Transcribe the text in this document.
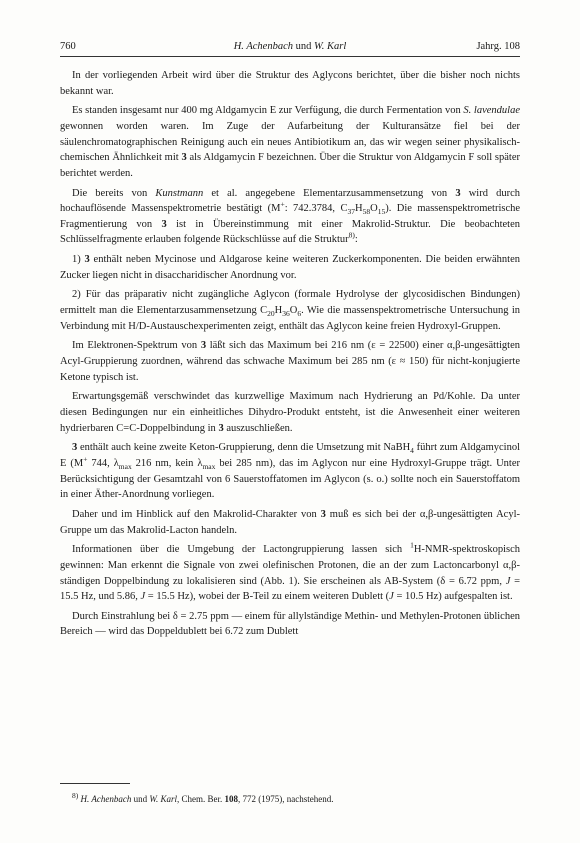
760	H. Achenbach und W. Karl	Jahrg. 108

In der vorliegenden Arbeit wird über die Struktur des Aglycons berichtet, über die bisher noch nichts bekannt war.

Es standen insgesamt nur 400 mg Aldgamycin E zur Verfügung, die durch Fermentation von S. lavendulae gewonnen worden waren. Im Zuge der Aufarbeitung der Kulturansätze fiel bei der säulenchromatographischen Reinigung auch ein neues Antibiotikum an, das wir wegen seiner physikalisch-chemischen Ähnlichkeit mit 3 als Aldgamycin F bezeichnen. Über die Struktur von Aldgamycin F soll später berichtet werden.

Die bereits von Kunstmann et al. angegebene Elementarzusammensetzung von 3 wird durch hochauflösende Massenspektrometrie bestätigt (M+: 742.3784, $C_{37}H_{58}O_{15}$). Die massenspektrometrische Fragmentierung von 3 ist in Übereinstimmung mit einer Makrolid-Struktur. Die beobachteten Schlüsselfragmente erlauben folgende Rückschlüsse auf die Struktur$^{8)}$:

1) 3 enthält neben Mycinose und Aldgarose keine weiteren Zuckerkomponenten. Die beiden erwähnten Zucker liegen nicht in disaccharidischer Anordnung vor.

2) Für das präparativ nicht zugängliche Aglycon (formale Hydrolyse der glycosidischen Bindungen) ermittelt man die Elementarzusammensetzung $C_{20}H_{36}O_6$. Wie die massenspektrometrische Untersuchung in Verbindung mit H/D-Austauschexperimenten zeigt, enthält das Aglycon keine freien Hydroxyl-Gruppen.

Im Elektronen-Spektrum von 3 läßt sich das Maximum bei 216 nm (ε = 22500) einer α,β-ungesättigten Acyl-Gruppierung zuordnen, während das schwache Maximum bei 285 nm (ε ≈ 150) für nicht-konjugierte Ketone typisch ist.

Erwartungsgemäß verschwindet das kurzwellige Maximum nach Hydrierung an Pd/Kohle. Da unter diesen Bedingungen nur ein einheitliches Dihydro-Produkt entsteht, ist die Anwesenheit einer weiteren hydrierbaren C=C-Doppelbindung in 3 auszuschließen.

3 enthält auch keine zweite Keton-Gruppierung, denn die Umsetzung mit NaBH$_4$ führt zum Aldgamycinol E (M+ 744, $\lambda_{max}$ 216 nm, kein $\lambda_{max}$ bei 285 nm), das im Aglycon nur eine Hydroxyl-Gruppe trägt. Unter Berücksichtigung der Gesamtzahl von 6 Sauerstoffatomen im Aglycon (s. o.) sollte noch ein Sauerstoffatom in einer Äther-Anordnung vorliegen.

Daher und im Hinblick auf den Makrolid-Charakter von 3 muß es sich bei der α,β-ungesättigten Acyl-Gruppe um das Makrolid-Lacton handeln.

Informationen über die Umgebung der Lactongruppierung lassen sich $^1$H-NMR-spektroskopisch gewinnen: Man erkennt die Signale von zwei olefinischen Protonen, die an der zum Lactoncarbonyl α,β-ständigen Doppelbindung zu lokalisieren sind (Abb. 1). Sie erscheinen als AB-System (δ = 6.72 ppm, J = 15.5 Hz, und 5.86, J = 15.5 Hz), wobei der B-Teil zu einem weiteren Dublett (J = 10.5 Hz) aufgespalten ist.

Durch Einstrahlung bei δ = 2.75 ppm — einem für allylständige Methin- und Methylen-Protonen üblichen Bereich — wird das Doppeldublett bei 6.72 zum Dublett

$^{8)}$ H. Achenbach und W. Karl, Chem. Ber. 108, 772 (1975), nachstehend.
